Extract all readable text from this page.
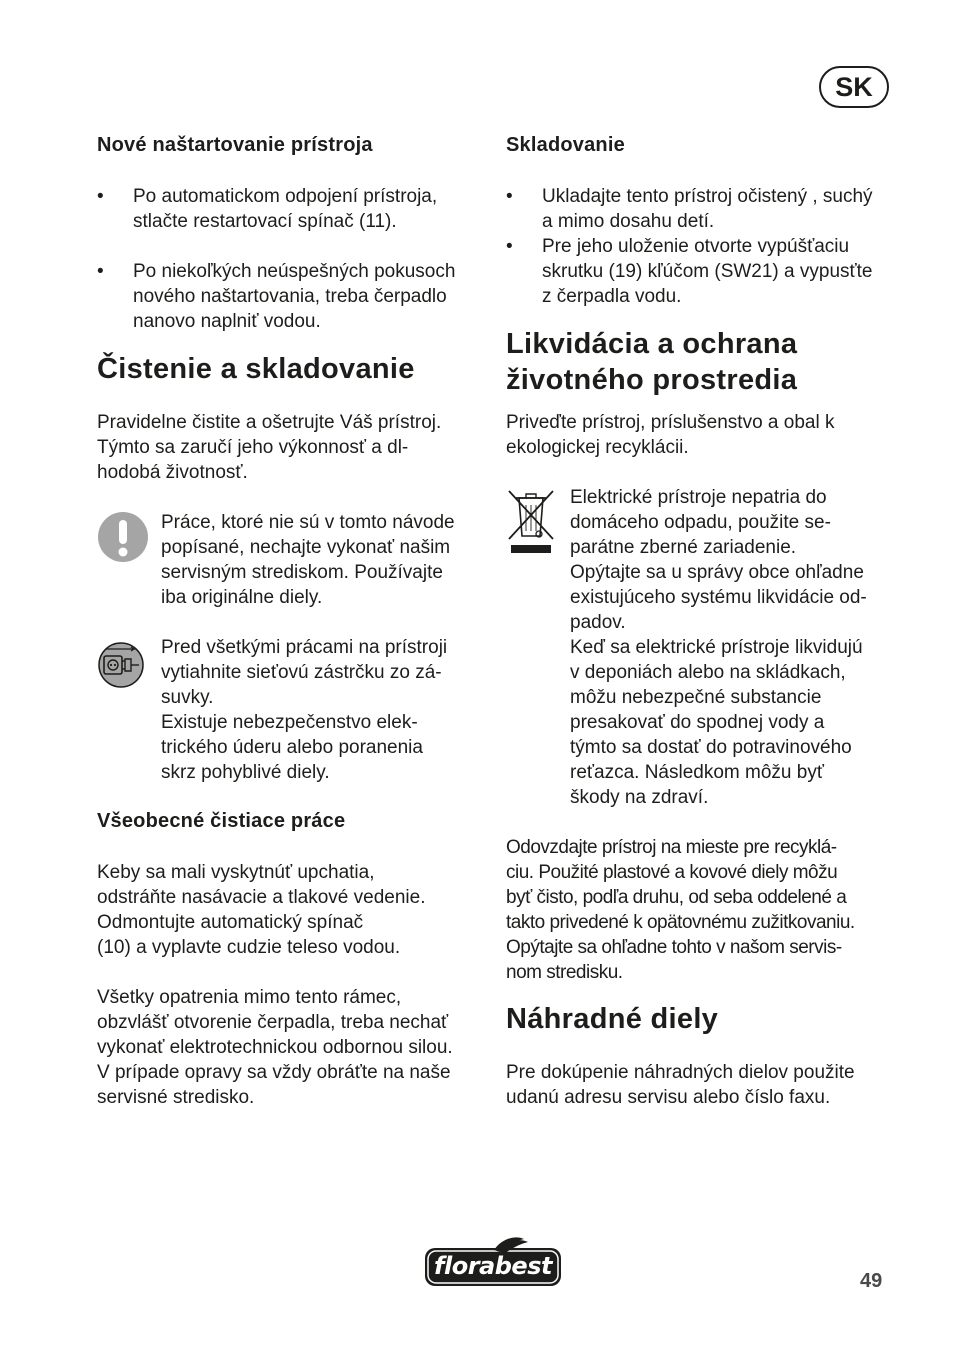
SK
Nové naštartovanie prístroja
•	Po automatickom odpojení prístroja,
stlačte restartovací spínač (11).
•	Po niekoľkých neúspešných pokusoch
nového naštartovania, treba čerpadlo
nanovo naplniť vodou.
Čistenie a skladovanie
Pravidelne čistite a ošetrujte Váš prístroj.
Týmto sa zaručí jeho výkonnosť a dl-
hodobá životnosť.
Práce, ktoré nie sú v tomto návode
popísané, nechajte vykonať našim
servisným strediskom. Používajte
iba originálne diely.
Pred všetkými prácami na prístroji
vytiahnite sieťovú zástrčku zo zá-
suvky.
Existuje nebezpečenstvo elek-
trického úderu alebo poranenia
skrz pohyblivé diely.
Všeobecné čistiace práce
Keby sa mali vyskytnúť upchatia,
odstráňte nasávacie a tlakové vedenie.
Odmontujte automatický spínač
(10) a vyplavte cudzie teleso vodou.
Všetky opatrenia mimo tento rámec,
obzvlášť otvorenie čerpadla, treba nechať
vykonať elektrotechnickou odbornou silou.
V prípade opravy sa vždy obráťte na naše
servisné stredisko.
Skladovanie
•	Ukladajte tento prístroj očistený , suchý
a mimo dosahu detí.
•	Pre jeho uloženie otvorte vypúšťaciu
skrutku (19) kľúčom (SW21) a vypusťte
z čerpadla vodu.
Likvidácia a ochrana
životného prostredia
Priveďte prístroj, príslušenstvo a obal k
ekologickej recyklácii.
Elektrické prístroje nepatria do
domáceho odpadu, použite se-
parátne zberné zariadenie.
Opýtajte sa u správy obce ohľadne
existujúceho systému likvidácie od-
padov.
Keď sa elektrické prístroje likvidujú
v deponiách alebo na skládkach,
môžu nebezpečné substancie
presakovať do spodnej vody a
týmto sa dostať do potravinového
reťazca. Následkom môžu byť
škody na zdraví.
Odovzdajte prístroj na mieste pre recyklá-
ciu. Použité plastové a kovové diely môžu
byť čisto, podľa druhu, od seba oddelené a
takto privedené k opätovnému zužitkovaniu.
Opýtajte sa ohľadne tohto v našom servis-
nom stredisku.
Náhradné diely
Pre dokúpenie náhradných dielov použite
udanú adresu servisu alebo číslo faxu.
florabest
49
